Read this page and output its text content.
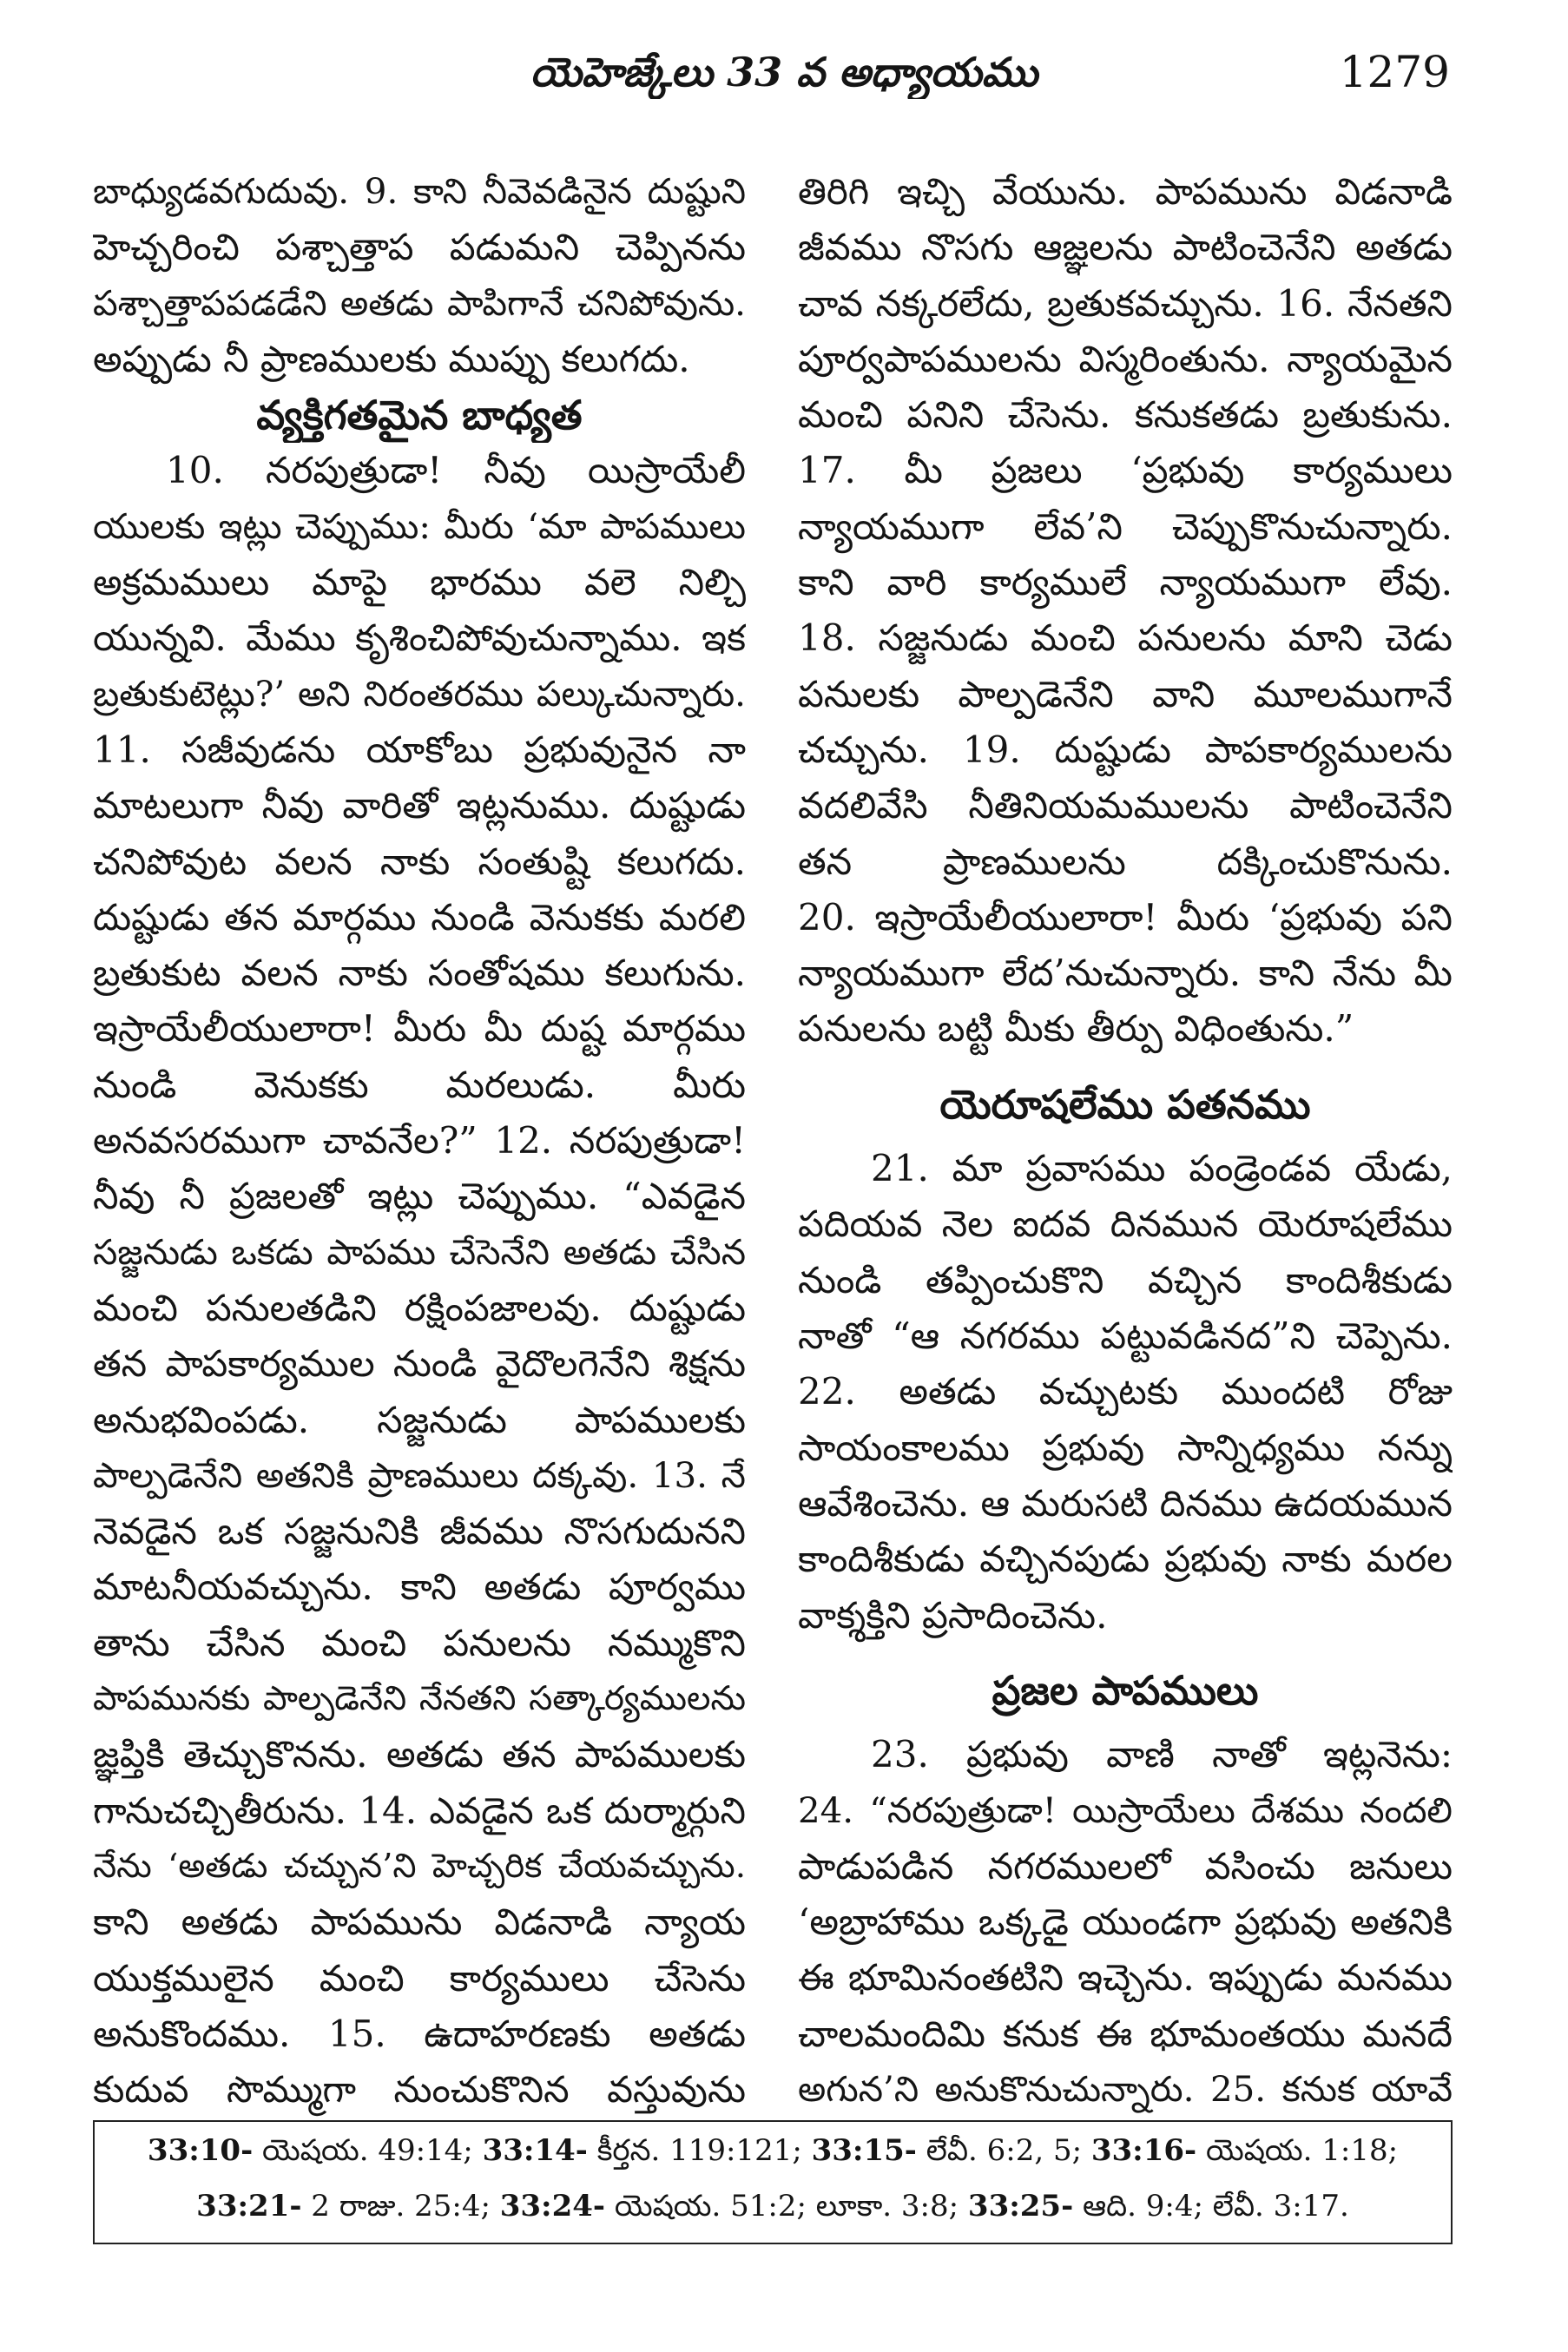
యెహెజ్కేలు 33 వ అధ్యాయము	1279
బాధ్యుడవగుదువు. 9. కాని నీవెవడినైన దుష్టుని
హెచ్చరించి పశ్చాత్తాప పడుమని చెప్పినను
పశ్చాత్తాపపడడేని అతడు పాపిగానే చనిపోవును.
అప్పుడు నీ ప్రాణములకు ముప్పు కలుగదు.
వ్యక్తిగతమైన బాధ్యత
10. నరపుత్రుడా! నీవు యిస్రాయేలీ
యులకు ఇట్లు చెప్పుము: మీరు ‘మా పాపములు
అక్రమములు మాపై భారము వలె నిల్చి
యున్నవి. మేము కృశించిపోవుచున్నాము. ఇక
బ్రతుకుటెట్లు?’ అని నిరంతరము పల్కుచున్నారు.
11. సజీవుడను యాకోబు ప్రభువునైన నా
మాటలుగా నీవు వారితో ఇట్లనుము. దుష్టుడు
చనిపోవుట వలన నాకు సంతుష్టి కలుగదు.
దుష్టుడు తన మార్గము నుండి వెనుకకు మరలి
బ్రతుకుట వలన నాకు సంతోషము కలుగును.
ఇస్రాయేలీయులారా! మీరు మీ దుష్ట మార్గము
నుండి వెనుకకు మరలుడు. మీరు
అనవసరముగా చావనేల?” 12. నరపుత్రుడా!
నీవు నీ ప్రజలతో ఇట్లు చెప్పుము. “ఎవడైన
సజ్జనుడు ఒకడు పాపము చేసెనేని అతడు చేసిన
మంచి పనులతడిని రక్షింపజాలవు. దుష్టుడు
తన పాపకార్యముల నుండి వైదొలగెనేని శిక్షను
అనుభవింపడు. సజ్జనుడు పాపములకు
పాల్పడెనేని అతనికి ప్రాణములు దక్కవు. 13. నే
నెవడైన ఒక సజ్జనునికి జీవము నొసగుదునని
మాటనీయవచ్చును. కాని అతడు పూర్వము
తాను చేసిన మంచి పనులను నమ్ముకొని
పాపమునకు పాల్పడెనేని నేనతని సత్కార్యములను
జ్ఞప్తికి తెచ్చుకొనను. అతడు తన పాపములకు
గానుచచ్చితీరును. 14. ఎవడైన ఒక దుర్మార్గుని
నేను ‘అతడు చచ్చున’ని హెచ్చరిక చేయవచ్చును.
కాని అతడు పాపమును విడనాడి న్యాయ
యుక్తములైన మంచి కార్యములు చేసెను
అనుకొందము. 15. ఉదాహరణకు అతడు
కుదువ సొమ్ముగా నుంచుకొనిన వస్తువును
తిరిగి ఇచ్చి వేయును. పాపమును విడనాడి
జీవము నొసగు ఆజ్ఞలను పాటించెనేని అతడు
చావ నక్కరలేదు, బ్రతుకవచ్చును. 16. నేనతని
పూర్వపాపములను విస్మరింతును. న్యాయమైన
మంచి పనిని చేసెను. కనుకతడు బ్రతుకును.
17. మీ ప్రజలు ‘ప్రభువు కార్యములు
న్యాయముగా లేవ’ని చెప్పుకొనుచున్నారు.
కాని వారి కార్యములే న్యాయముగా లేవు.
18. సజ్జనుడు మంచి పనులను మాని చెడు
పనులకు పాల్పడెనేని వాని మూలముగానే
చచ్చును. 19. దుష్టుడు పాపకార్యములను
వదలివేసి నీతినియమములను పాటించెనేని
తన ప్రాణములను దక్కించుకొనును.
20. ఇస్రాయేలీయులారా! మీరు ‘ప్రభువు పని
న్యాయముగా లేద’నుచున్నారు. కాని నేను మీ
పనులను బట్టి మీకు తీర్పు విధింతును.”
యెరూషలేము పతనము
21. మా ప్రవాసము పండ్రెండవ యేడు,
పదియవ నెల ఐదవ దినమున యెరూషలేము
నుండి తప్పించుకొని వచ్చిన కాందిశీకుడు
నాతో “ఆ నగరము పట్టువడినద”ని చెప్పెను.
22. అతడు వచ్చుటకు ముందటి రోజు
సాయంకాలము ప్రభువు సాన్నిధ్యము నన్ను
ఆవేశించెను. ఆ మరుసటి దినము ఉదయమున
కాందిశీకుడు వచ్చినపుడు ప్రభువు నాకు మరల
వాక్శక్తిని ప్రసాదించెను.
ప్రజల పాపములు
23. ప్రభువు వాణి నాతో ఇట్లనెను:
24. “నరపుత్రుడా! యిస్రాయేలు దేశము నందలి
పాడుపడిన నగరములలో వసించు జనులు
‘అబ్రాహాము ఒక్కడై యుండగా ప్రభువు అతనికి
ఈ భూమినంతటిని ఇచ్చెను. ఇప్పుడు మనము
చాలమందిమి కనుక ఈ భూమంతయు మనదే
అగున’ని అనుకొనుచున్నారు. 25. కనుక యావే
33:10- యెషయ. 49:14; 33:14- కీర్తన. 119:121; 33:15- లేవీ. 6:2, 5; 33:16- యెషయ. 1:18;
33:21- 2 రాజు. 25:4; 33:24- యెషయ. 51:2; లూకా. 3:8; 33:25- ఆది. 9:4; లేవీ. 3:17.
